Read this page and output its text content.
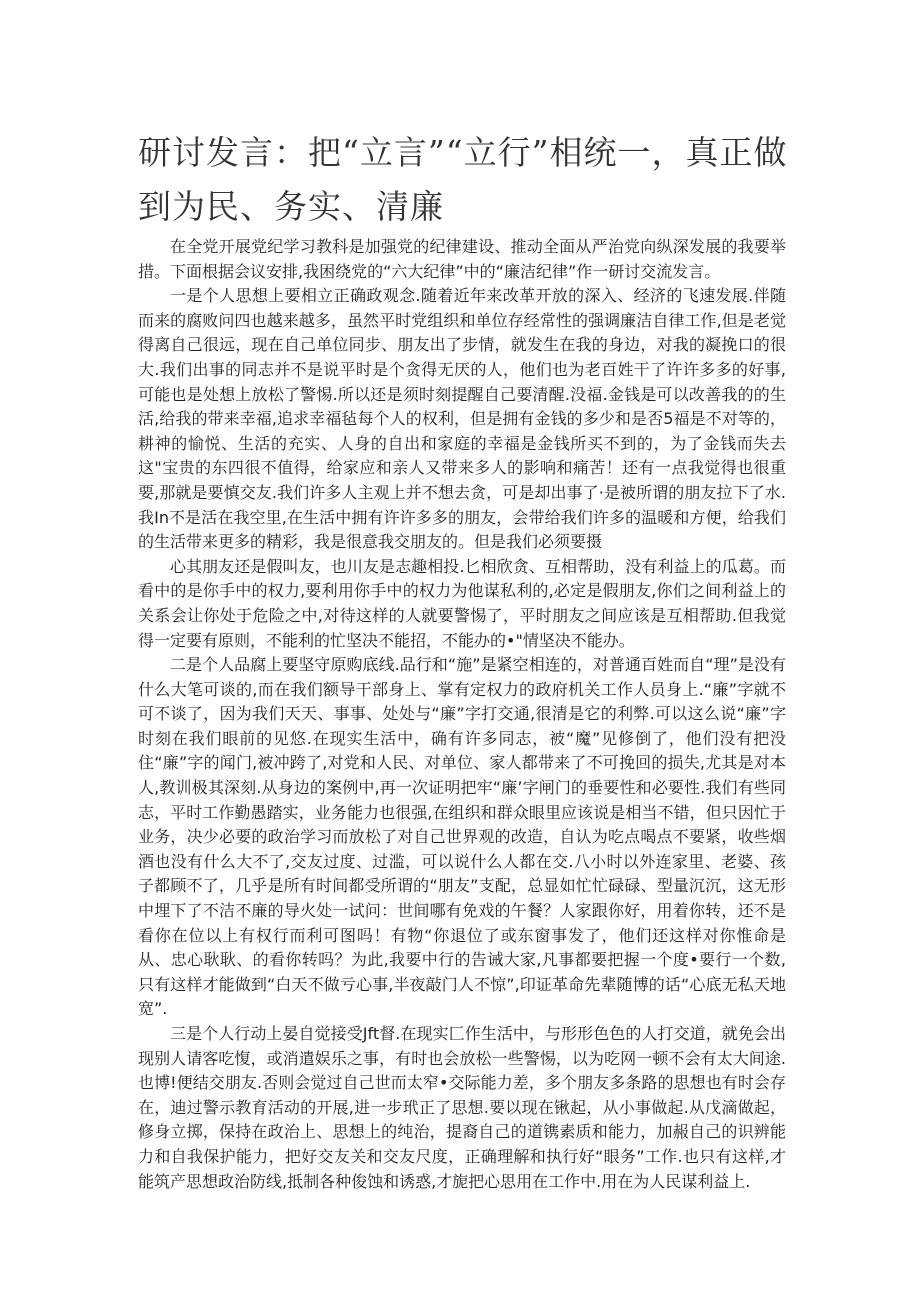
研讨发言：把“立言”“立行”相统一，真正做到为民、务实、清廉

在全党开展党纪学习教科是加强党的纪律建设、推动全面从严治党向纵深发展的我要举措。下面根据会议安排,我困绕党的“六大纪律”中的“廉洁纪律”作一研讨交流发言。

一是个人思想上要相立正确政观念.随着近年来改革开放的深入、经济的飞速发展.伴随而来的腐败问四也越来越多，虽然平时党组织和单位存经常性的强调廉洁自律工作,但是老觉得离自己很远，现在自己单位同步、朋友出了步情，就发生在我的身边，对我的凝挽口的很大.我们出事的同志并不是说平时是个贪得无厌的人，他们也为老百姓干了许许多多的好事,可能也是处想上放松了警惕.所以还是须时刻提醒自己要清醒.没福.金钱是可以改善我的的生活,给我的带来幸福,追求幸福毡每个人的权利，但是拥有金钱的多少和是否5福是不对等的，耕神的愉悦、生活的充实、人身的自出和家庭的幸福是金钱所买不到的，为了金钱而失去这"宝贵的东四很不值得，给家应和亲人又带来多人的影响和痛苦！还有一点我觉得也很重要,那就是要慎交友.我们许多人主观上并不想去贪，可是却出事了·是被所谓的朋友拉下了水.我In不是活在我空里,在生活中拥有许许多多的朋友，会带给我们许多的温暖和方便，给我们的生活带来更多的精彩，我是很意我交朋友的。但是我们必须要摄

心其朋友还是假叫友，也川友是志趣相投.匕相欣贪、互相帮助，没有利益上的瓜葛。而看中的是你手中的权力,要利用你手中的权力为他谋私利的,必定是假朋友,你们之间利益上的关系会让你处于危险之中,对待这样的人就要警惕了，平时朋友之间应该是互相帮助.但我觉得一定要有原则，不能利的忙坚决不能招，不能办的•"情坚决不能办。

二是个人品腐上要坚守原购底线.品行和“施”是紧空相连的，对普通百姓而自“理”是没有什么大笔可谈的,而在我们额导干部身上、掌有定权力的政府机关工作人员身上.“廉”字就不可不谈了，因为我们天天、事事、处处与“廉”字打交通,很清是它的利弊.可以这么说“廉”字时刻在我们眼前的见悠.在现实生活中，确有许多同志，被“魔”见修倒了，他们没有把没住“廉”字的闻门,被冲跨了,对党和人民、对单位、家人都带来了不可挽回的损失,尤其是对本人,教训极其深刻.从身边的案例中,再一次证明把牢“廉’字闸门的垂要性和必要性.我们有些同志，平时工作勤愚踏实，业务能力也很强,在组织和群众眼里应该说是相当不错，但只因忙于业务，决少必要的政治学习而放松了对自己世界观的改造，自认为吃点喝点不要紧，收些烟酒也没有什么大不了,交友过度、过滥，可以说什么人都在交.八小时以外连家里、老婆、孩子都顾不了，几乎是所有时间都受所谓的“朋友”支配，总显如忙忙碌碌、型量沉沉，这无形中埋下了不洁不廉的导火处一试问：世间哪有免戏的午餐？人家跟你好，用着你转，还不是看你在位以上有权行而利可图吗！有物“你退位了或东窗事发了，他们还这样对你惟命是从、忠心耿耿、的看你转吗？为此,我要中行的告诫大家,凡事都要把握一个度•要行一个数,只有这样才能做到“白天不做亏心事,半夜敲门人不惊”,印证革命先辈随博的话“心底无私天地宽”.

三是个人行动上晏自觉接受Jft督.在现实匚作生活中，与形形色色的人打交道，就免会出现别人请客吃愎，或消遣娱乐之事，有时也会放松一些警惕，以为吃网一顿不会有太大间途.也博!便结交朋友.否则会觉过自己世而太窄•交际能力差，多个朋友多条路的思想也有时会存在，迪过警示教育活动的开展,进一步玳正了思想.要以现在锹起，从小事做起.从戊滴做起，修身立掷，保持在政治上、思想上的纯治，提裔自己的道镌素质和能力，加赧自己的识辨能力和自我保护能力，把好交友关和交友尺度，正确理解和执行好“眼务”工作.也只有这样,才能筑产思想政治防线,抵制各种俊蚀和诱惑,才旎把心思用在工作中.用在为人民谋利益上.
